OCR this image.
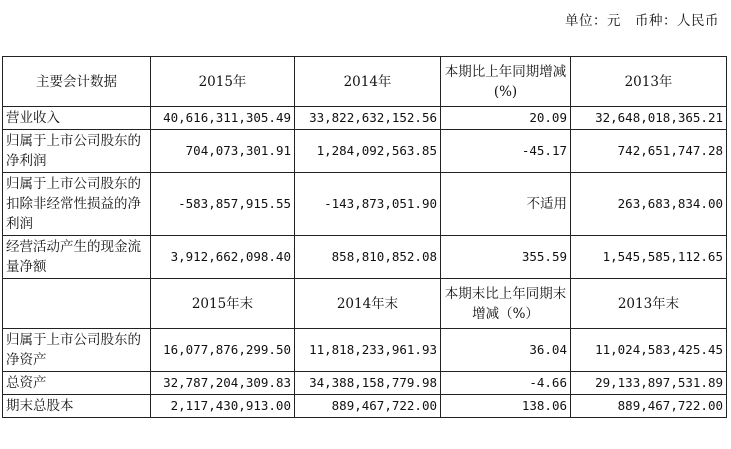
单位：元 币种：人民币
主要会计数据	2015年	2014年	本期比上年同期增减(%)	2013年
营业收入	40,616,311,305.49	33,822,632,152.56	20.09	32,648,018,365.21
归属于上市公司股东的净利润	704,073,301.91	1,284,092,563.85	-45.17	742,651,747.28
归属于上市公司股东的扣除非经常性损益的净利润	-583,857,915.55	-143,873,051.90	不适用	263,683,834.00
经营活动产生的现金流量净额	3,912,662,098.40	858,810,852.08	355.59	1,545,585,112.65
	2015年末	2014年末	本期末比上年同期末增减（%）	2013年末
归属于上市公司股东的净资产	16,077,876,299.50	11,818,233,961.93	36.04	11,024,583,425.45
总资产	32,787,204,309.83	34,388,158,779.98	-4.66	29,133,897,531.89
期末总股本	2,117,430,913.00	889,467,722.00	138.06	889,467,722.00
